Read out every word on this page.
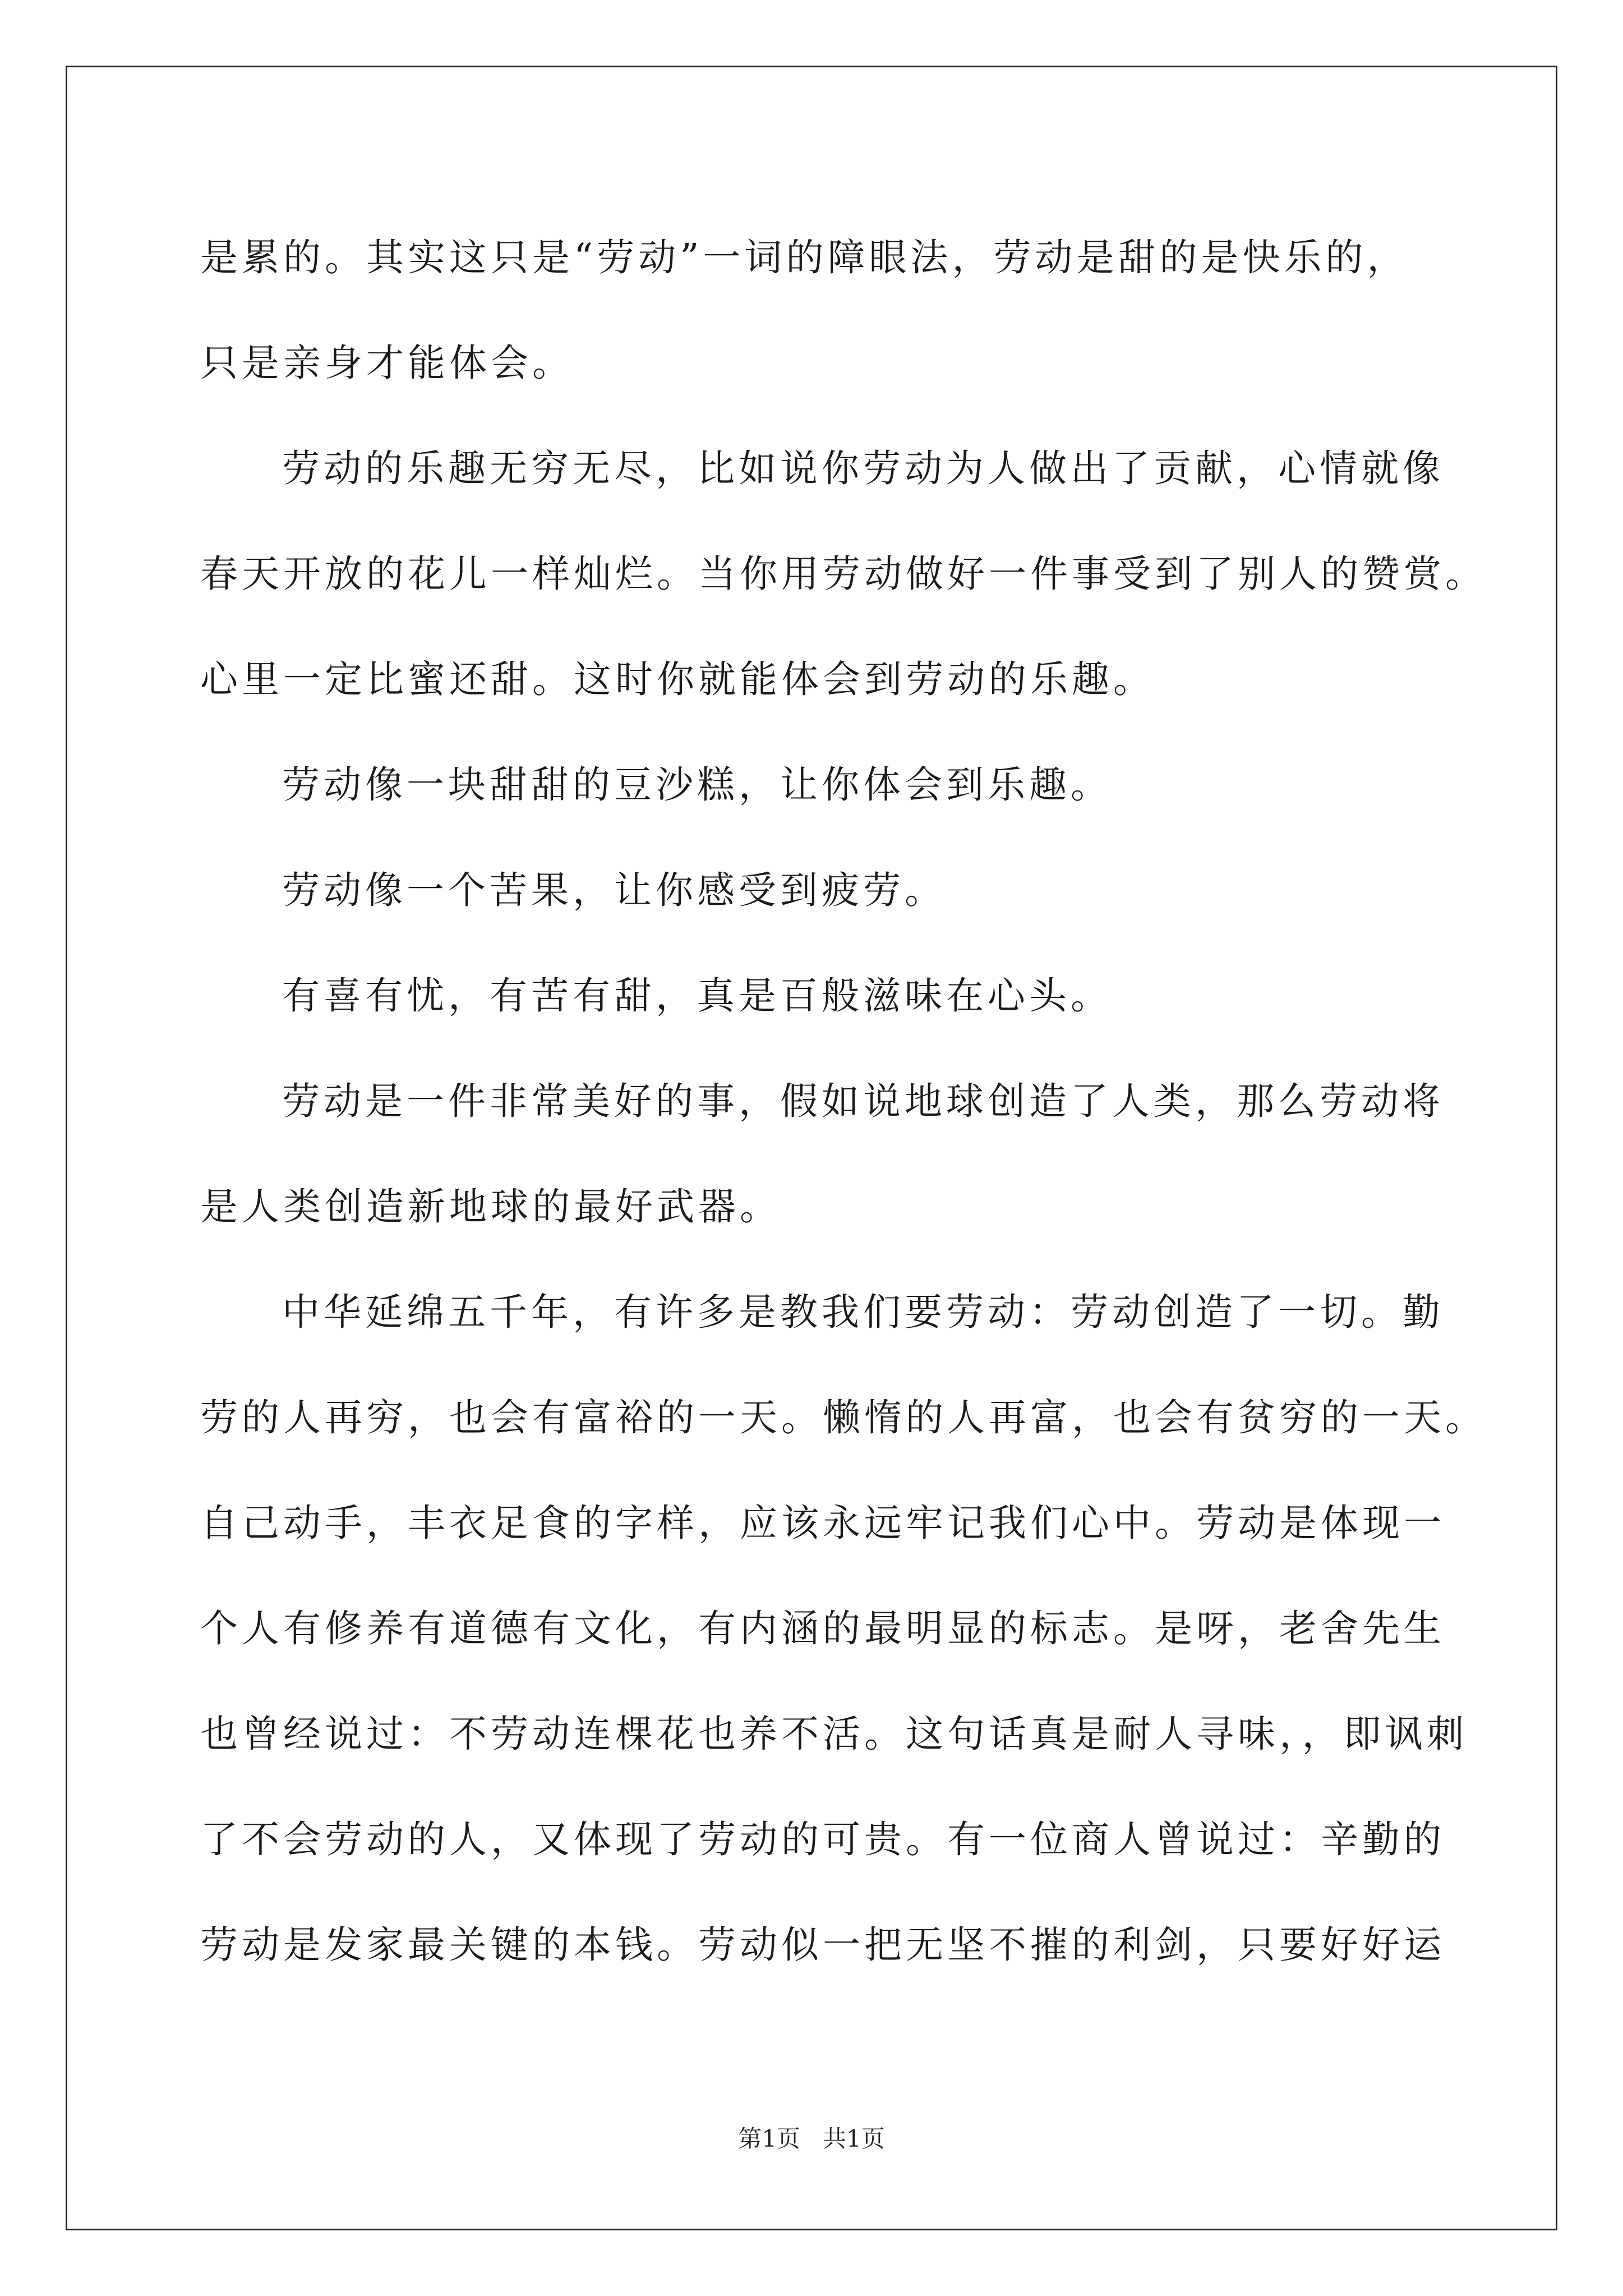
是累的。其实这只是“劳动”一词的障眼法，劳动是甜的是快乐的，
只是亲身才能体会。
劳动的乐趣无穷无尽，比如说你劳动为人做出了贡献，心情就像
春天开放的花儿一样灿烂。当你用劳动做好一件事受到了别人的赞赏。
心里一定比蜜还甜。这时你就能体会到劳动的乐趣。
劳动像一块甜甜的豆沙糕，让你体会到乐趣。
劳动像一个苦果，让你感受到疲劳。
有喜有忧，有苦有甜，真是百般滋味在心头。
劳动是一件非常美好的事，假如说地球创造了人类，那么劳动将
是人类创造新地球的最好武器。
中华延绵五千年，有许多是教我们要劳动：劳动创造了一切。勤
劳的人再穷，也会有富裕的一天。懒惰的人再富，也会有贫穷的一天。
自己动手，丰衣足食的字样，应该永远牢记我们心中。劳动是体现一
个人有修养有道德有文化，有内涵的最明显的标志。是呀，老舍先生
也曾经说过：不劳动连棵花也养不活。这句话真是耐人寻味，，即讽刺
了不会劳动的人，又体现了劳动的可贵。有一位商人曾说过：辛勤的
劳动是发家最关键的本钱。劳动似一把无坚不摧的利剑，只要好好运
第1页   共1页
